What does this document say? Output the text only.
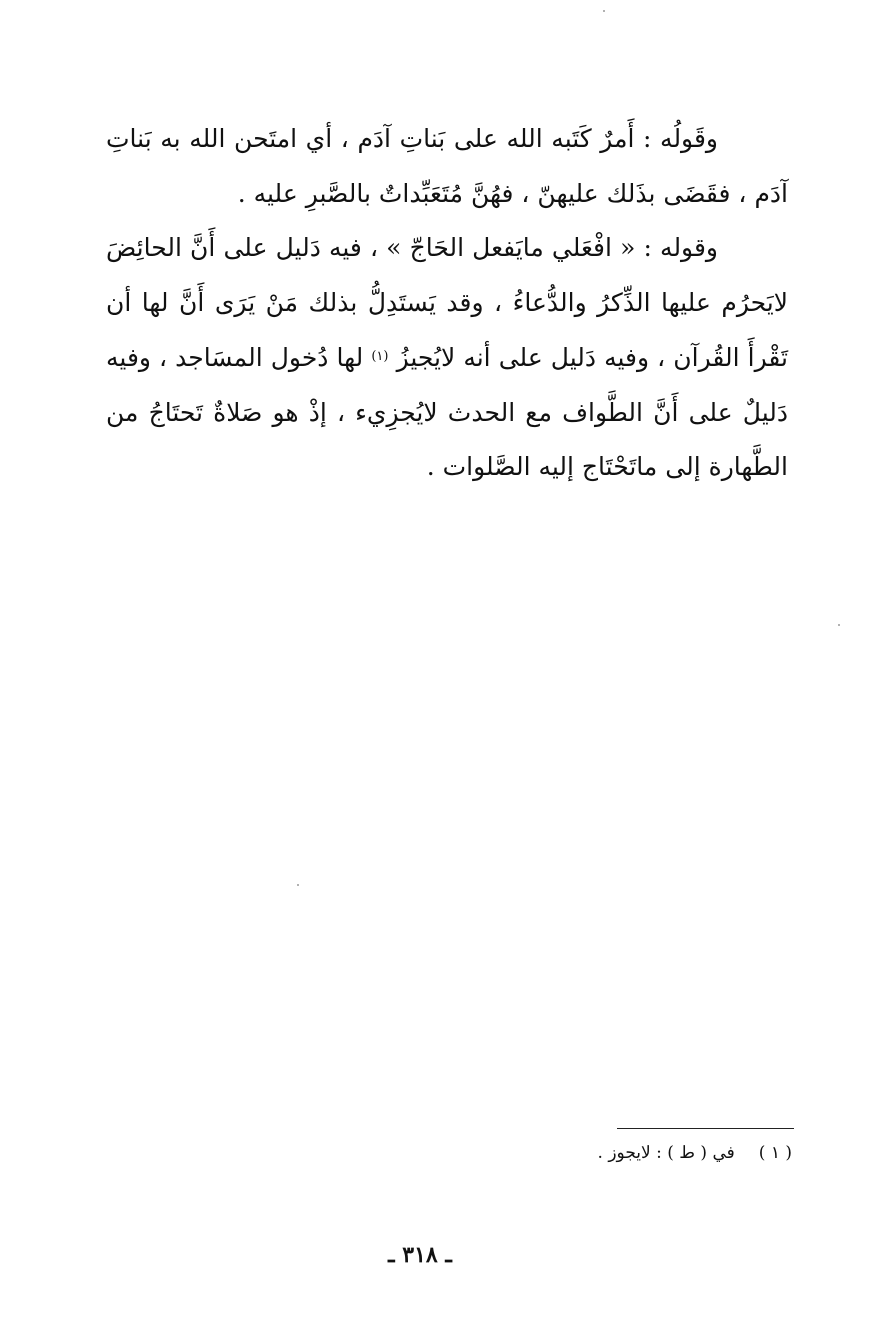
وقَولُه : أَمرٌ كَتَبه الله على بَناتِ آدَم ، أي امتَحن الله به بَناتِ آدَم ، فقَضَى بذَلك عليهنّ ، فهُنَّ مُتَعَبِّداتٌ بالصَّبرِ عليه .

وقوله : « افْعَلي مايَفعل الحَاجّ » ، فيه دَليل على أَنَّ الحائِضَ لايَحرُم عليها الذِّكرُ والدُّعاءُ ، وقد يَستَدِلُّ بذلك مَنْ يَرَى أَنَّ لها أن تَقْرأَ القُرآن ، وفيه دَليل على أنه لايُجيزُ $^{(١)}$ لها دُخول المسَاجد ، وفيه دَليلٌ على أَنَّ الطَّواف مع الحدث لايُجزِيء ، إذْ هو صَلاةٌ تَحتَاجُ من الطَّهارة إلى ماتَحْتَاج إليه الصَّلوات .

( ١ )في ( ط ) : لايجوز .
ـ ٣١٨ ـ
